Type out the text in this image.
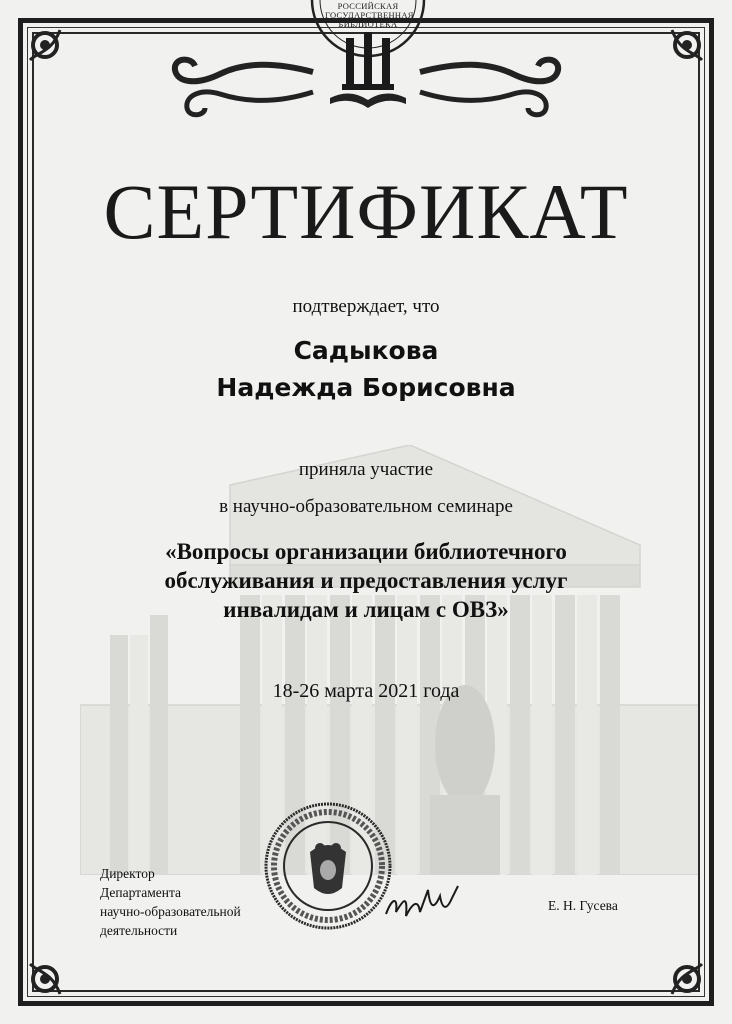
РОССИЙСКАЯ
ГОСУДАРСТВЕННАЯ
БИБЛИОТЕКА
СЕРТИФИКАТ
подтверждает, что
Садыкова
Надежда Борисовна
приняла участие
в научно-образовательном семинаре
«Вопросы организации библиотечного
обслуживания и предоставления услуг
инвалидам и лицам с ОВЗ»
18-26 марта 2021 года
Директор
Департамента
научно-образовательной
деятельности
Е. Н. Гусева
